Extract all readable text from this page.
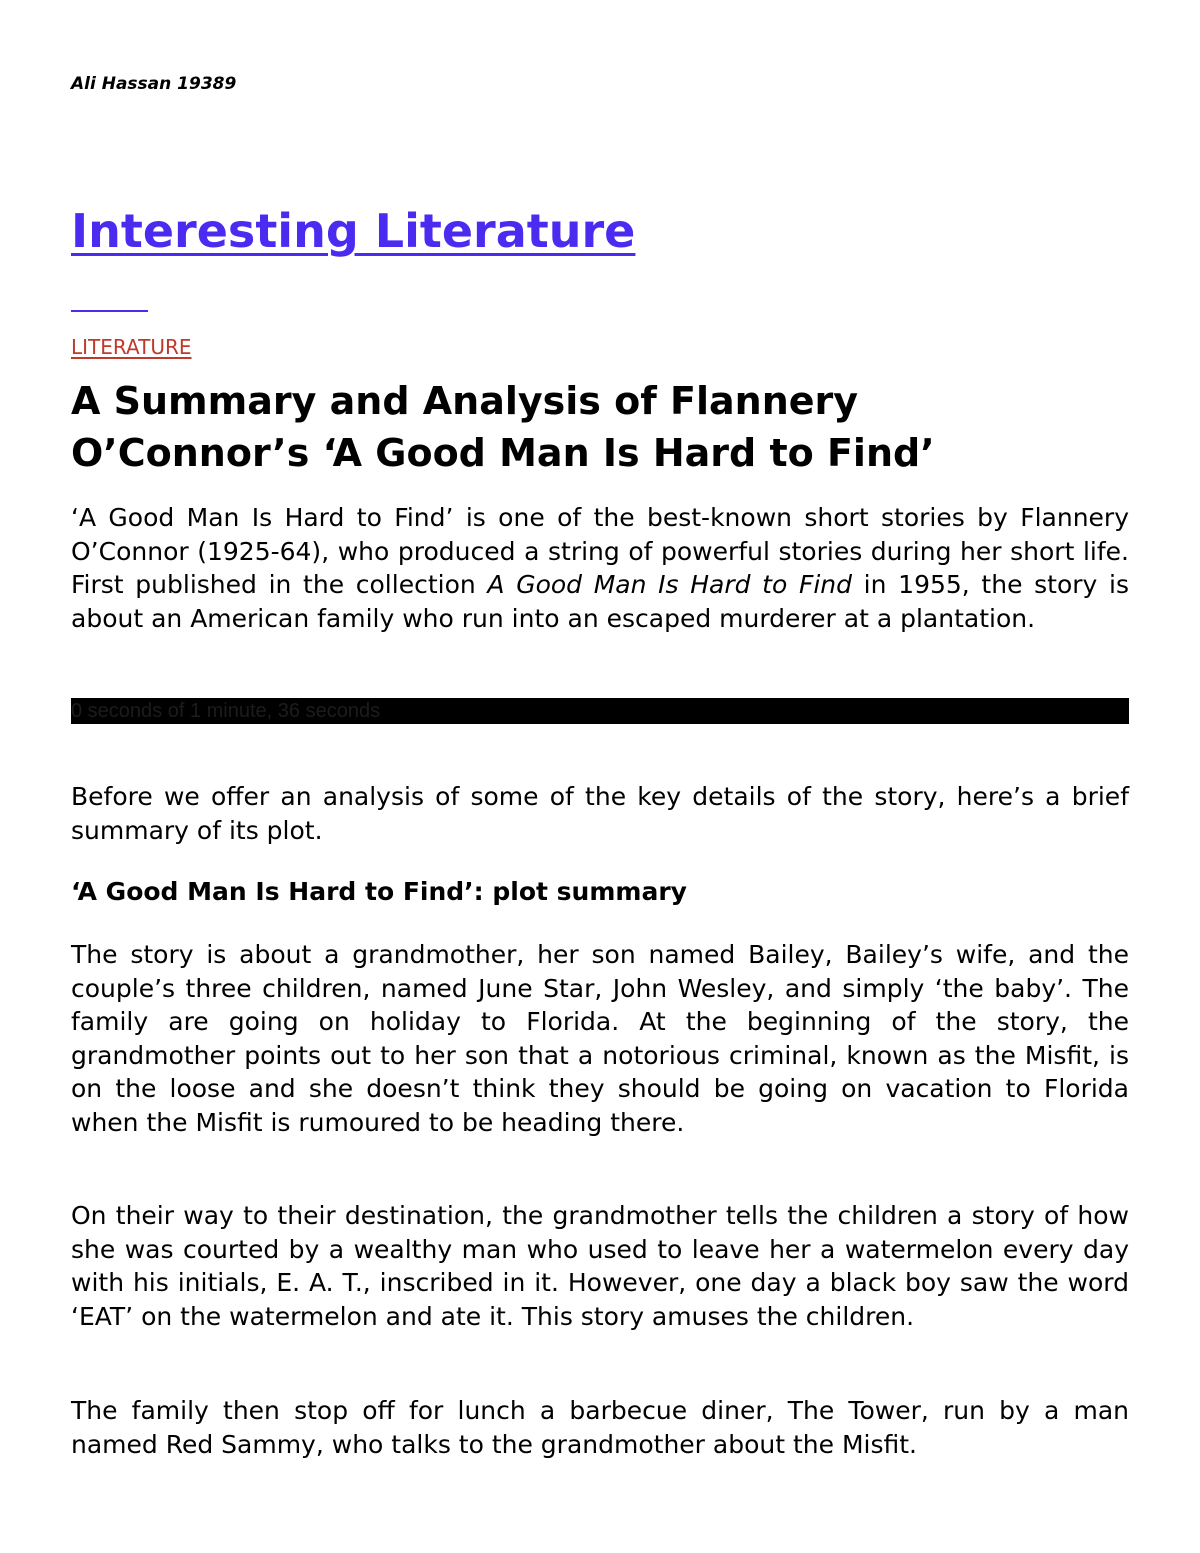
Ali Hassan 19389
Interesting Literature
LITERATURE
A Summary and Analysis of Flannery
O’Connor’s ‘A Good Man Is Hard to Find’

‘A Good Man Is Hard to Find’ is one of the best-known short stories by Flannery O’Connor (1925-64), who produced a string of powerful stories during her short life. First published in the collection A Good Man Is Hard to Find in 1955, the story is about an American family who run into an escaped murderer at a plantation.

0 seconds of 1 minute, 36 seconds

Before we offer an analysis of some of the key details of the story, here’s a brief summary of its plot.

‘A Good Man Is Hard to Find’: plot summary

The story is about a grandmother, her son named Bailey, Bailey’s wife, and the couple’s three children, named June Star, John Wesley, and simply ‘the baby’. The family are going on holiday to Florida. At the beginning of the story, the grandmother points out to her son that a notorious criminal, known as the Misfit, is on the loose and she doesn’t think they should be going on vacation to Florida when the Misfit is rumoured to be heading there.

On their way to their destination, the grandmother tells the children a story of how she was courted by a wealthy man who used to leave her a watermelon every day with his initials, E. A. T., inscribed in it. However, one day a black boy saw the word ‘EAT’ on the watermelon and ate it. This story amuses the children.

The family then stop off for lunch a barbecue diner, The Tower, run by a man named Red Sammy, who talks to the grandmother about the Misfit.
